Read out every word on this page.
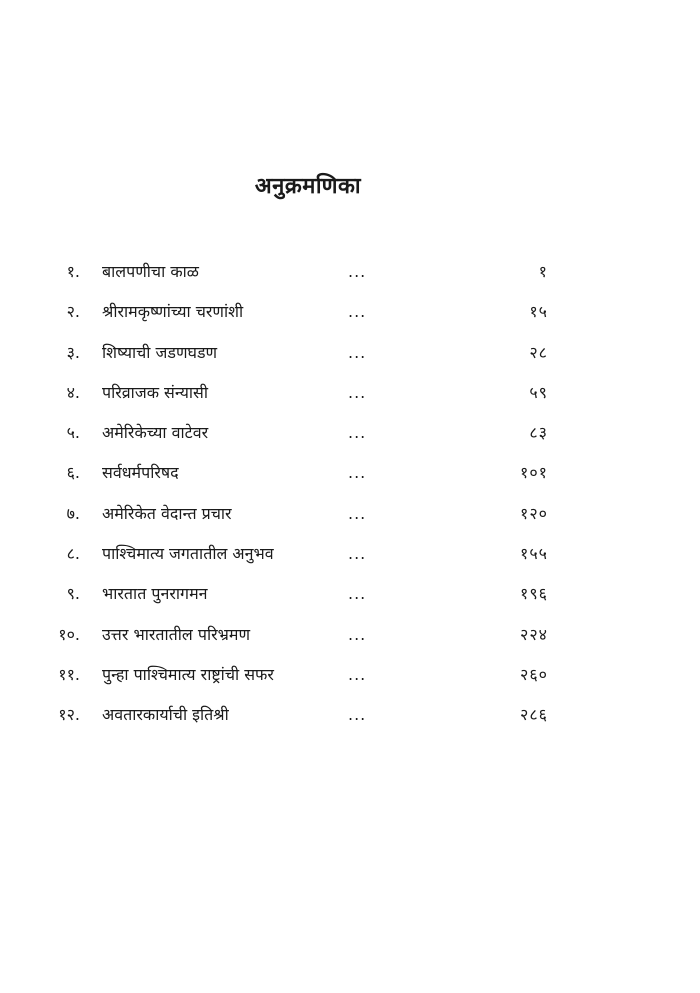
अनुक्रमणिका
१. बालपणीचा काळ	...	१
२. श्रीरामकृष्णांच्या चरणांशी	...	१५
३. शिष्याची जडणघडण	...	२८
४. परिव्राजक संन्यासी	...	५९
५. अमेरिकेच्या वाटेवर	...	८३
६. सर्वधर्मपरिषद	...	१०१
७. अमेरिकेत वेदान्त प्रचार	...	१२०
८. पाश्चिमात्य जगतातील अनुभव	...	१५५
९. भारतात पुनरागमन	...	१९६
१०. उत्तर भारतातील परिभ्रमण	...	२२४
११. पुन्हा पाश्चिमात्य राष्ट्रांची सफर	...	२६०
१२. अवतारकार्याची इतिश्री	...	२८६
